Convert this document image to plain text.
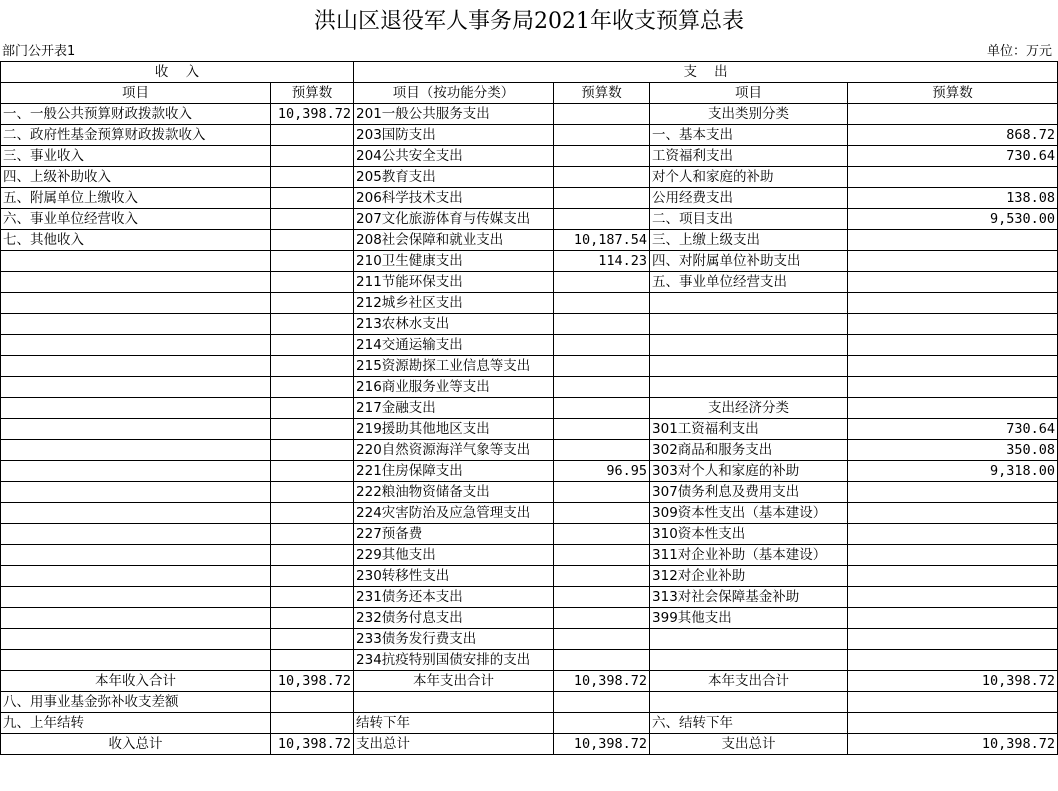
洪山区退役军人事务局2021年收支预算总表
部门公开表1	单位：万元
收    入		支    出			
项目	预算数	项目（按功能分类）	预算数	项目	预算数
一、一般公共预算财政拨款收入	10,398.72	201一般公共服务支出		支出类别分类	
二、政府性基金预算财政拨款收入		203国防支出		一、基本支出	868.72
三、事业收入		204公共安全支出		工资福利支出	730.64
四、上级补助收入		205教育支出		对个人和家庭的补助	
五、附属单位上缴收入		206科学技术支出		公用经费支出	138.08
六、事业单位经营收入		207文化旅游体育与传媒支出		二、项目支出	9,530.00
七、其他收入		208社会保障和就业支出	10,187.54	三、上缴上级支出	
		210卫生健康支出	114.23	四、对附属单位补助支出	
		211节能环保支出		五、事业单位经营支出	
		212城乡社区支出			
		213农林水支出			
		214交通运输支出			
		215资源勘探工业信息等支出			
		216商业服务业等支出			
		217金融支出		支出经济分类	
		219援助其他地区支出		301工资福利支出	730.64
		220自然资源海洋气象等支出		302商品和服务支出	350.08
		221住房保障支出	96.95	303对个人和家庭的补助	9,318.00
		222粮油物资储备支出		307债务利息及费用支出	
		224灾害防治及应急管理支出		309资本性支出（基本建设）	
		227预备费		310资本性支出	
		229其他支出		311对企业补助（基本建设）	
		230转移性支出		312对企业补助	
		231债务还本支出		313对社会保障基金补助	
		232债务付息支出		399其他支出	
		233债务发行费支出			
		234抗疫特别国债安排的支出			
本年收入合计	10,398.72	本年支出合计	10,398.72	本年支出合计	10,398.72
八、用事业基金弥补收支差额					
九、上年结转		结转下年		六、结转下年	
收入总计	10,398.72	支出总计	10,398.72	支出总计	10,398.72
